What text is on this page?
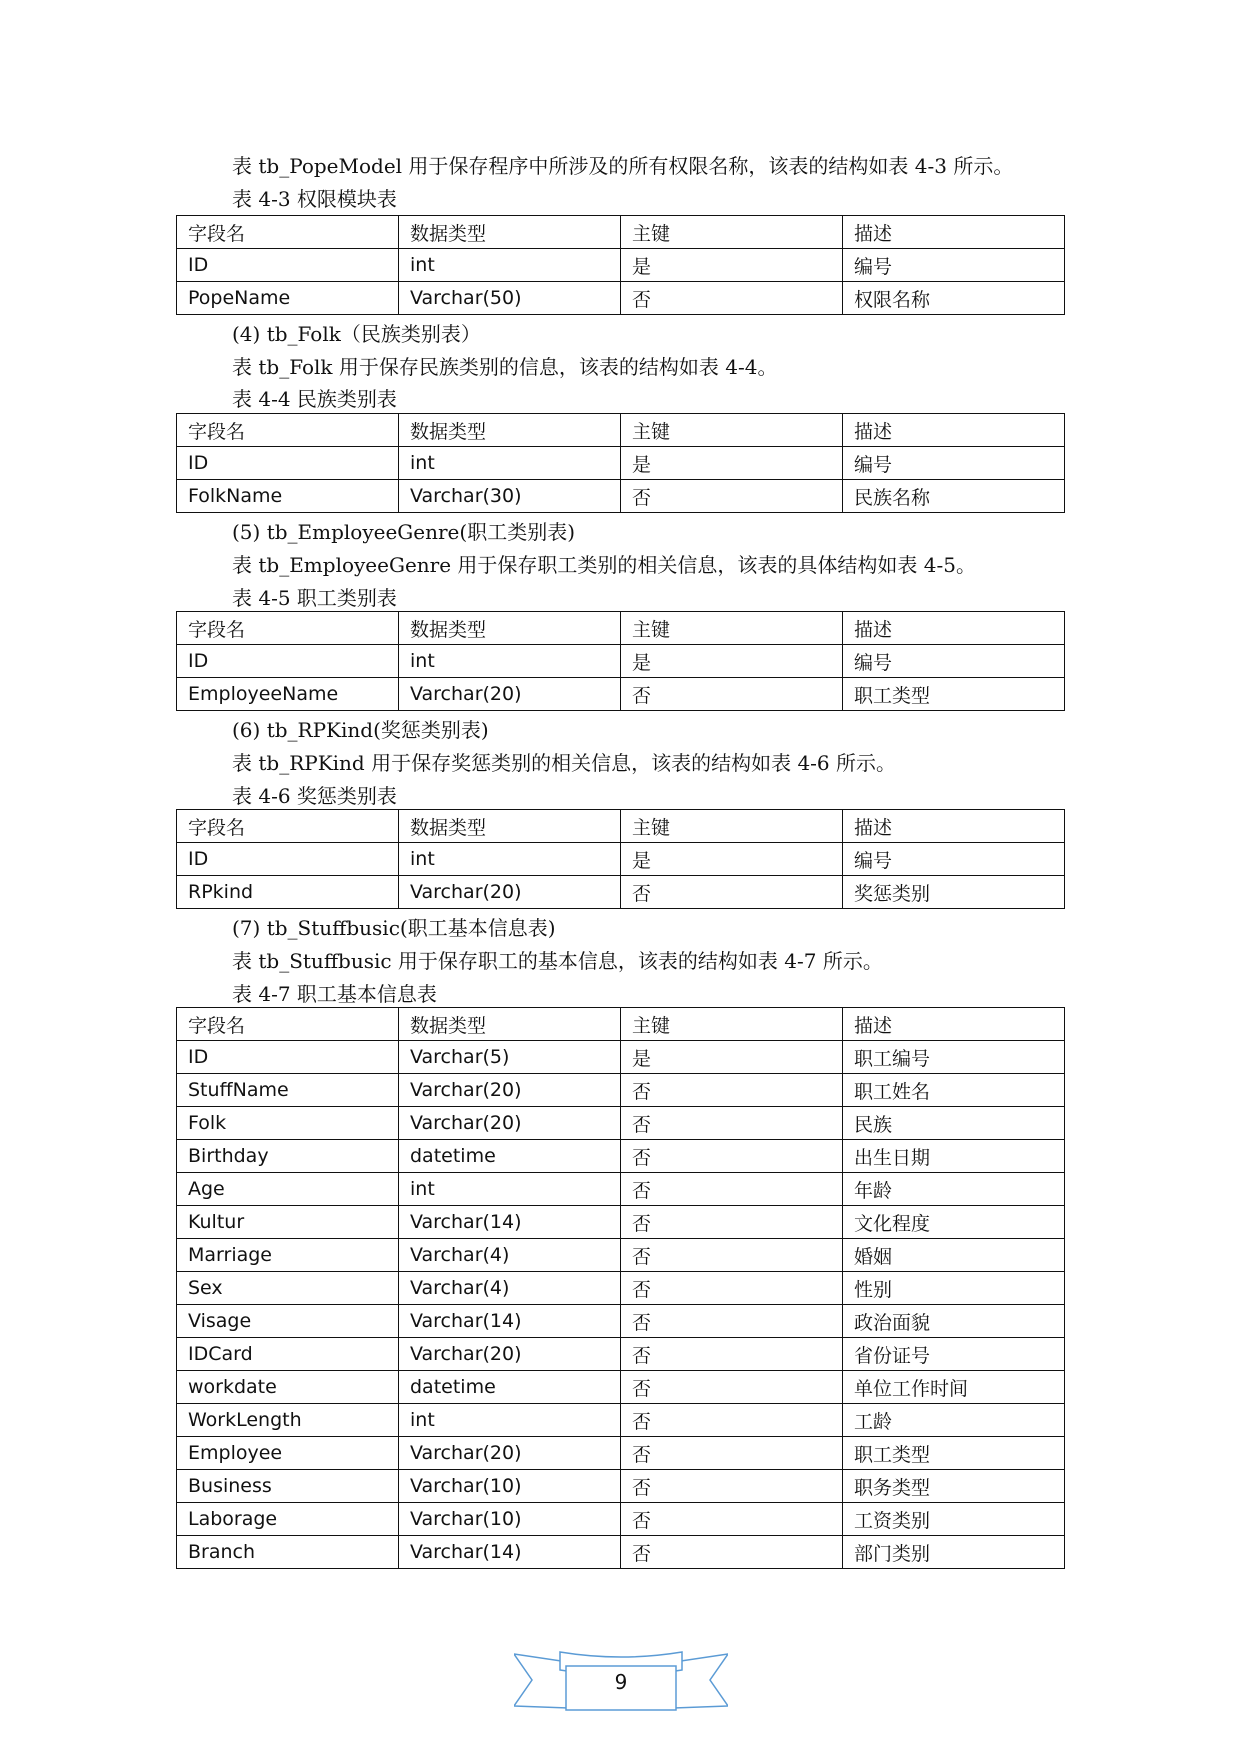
表 tb_PopeModel 用于保存程序中所涉及的所有权限名称，该表的结构如表 4-3 所示。
表 4-3 权限模块表
字段名	数据类型	主键	描述
ID	int	是	编号
PopeName	Varchar(50)	否	权限名称
(4) tb_Folk（民族类别表）
表 tb_Folk 用于保存民族类别的信息，该表的结构如表 4-4。
表 4-4 民族类别表
字段名	数据类型	主键	描述
ID	int	是	编号
FolkName	Varchar(30)	否	民族名称
(5) tb_EmployeeGenre(职工类别表)
表 tb_EmployeeGenre 用于保存职工类别的相关信息，该表的具体结构如表 4-5。
表 4-5 职工类别表
字段名	数据类型	主键	描述
ID	int	是	编号
EmployeeName	Varchar(20)	否	职工类型
(6) tb_RPKind(奖惩类别表)
表 tb_RPKind 用于保存奖惩类别的相关信息，该表的结构如表 4-6 所示。
表 4-6 奖惩类别表
字段名	数据类型	主键	描述
ID	int	是	编号
RPkind	Varchar(20)	否	奖惩类别
(7) tb_Stuffbusic(职工基本信息表)
表 tb_Stuffbusic 用于保存职工的基本信息，该表的结构如表 4-7 所示。
表 4-7 职工基本信息表
字段名	数据类型	主键	描述
ID	Varchar(5)	是	职工编号
StuffName	Varchar(20)	否	职工姓名
Folk	Varchar(20)	否	民族
Birthday	datetime	否	出生日期
Age	int	否	年龄
Kultur	Varchar(14)	否	文化程度
Marriage	Varchar(4)	否	婚姻
Sex	Varchar(4)	否	性别
Visage	Varchar(14)	否	政治面貌
IDCard	Varchar(20)	否	省份证号
workdate	datetime	否	单位工作时间
WorkLength	int	否	工龄
Employee	Varchar(20)	否	职工类型
Business	Varchar(10)	否	职务类型
Laborage	Varchar(10)	否	工资类别
Branch	Varchar(14)	否	部门类别
9
